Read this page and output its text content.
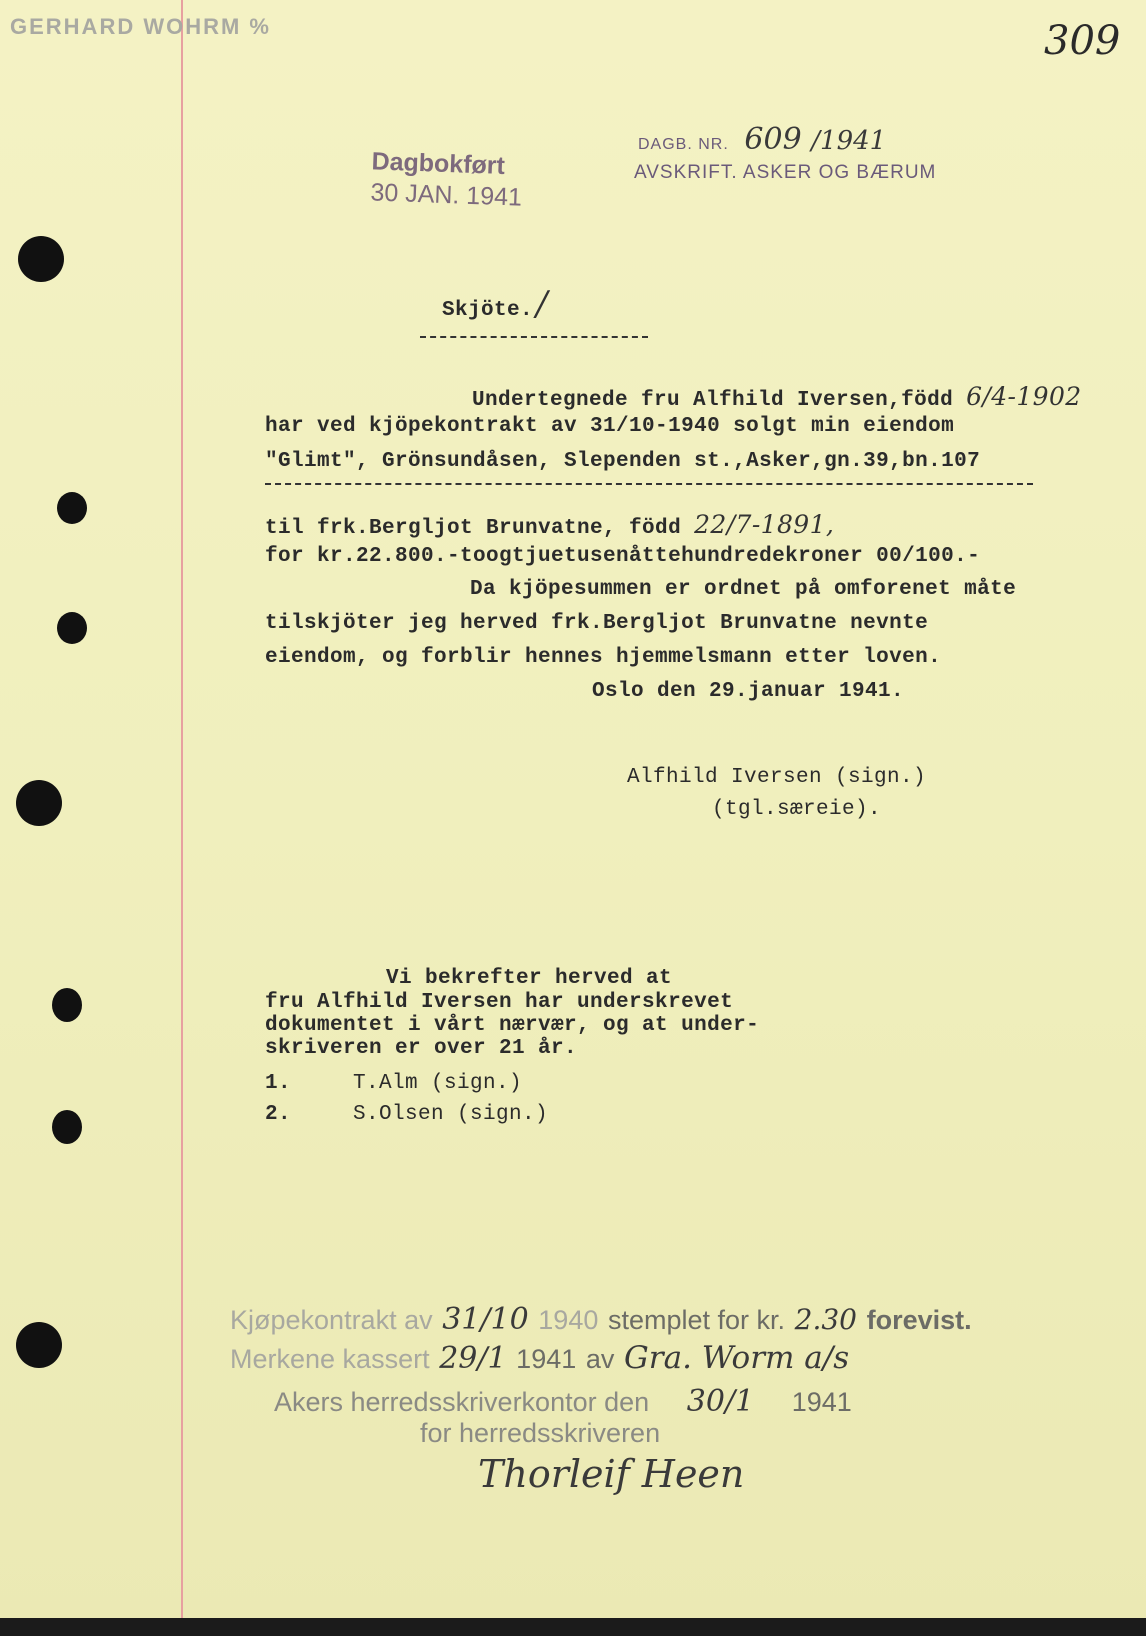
GERHARD WOHRM %	309
Dagbokført
30 JAN. 1941
DAGB. NR. 609 /1941
AVSKRIFT. ASKER OG BÆRUM
Skjöte. /
Undertegnede fru Alfhild Iversen,född 6/4-1902
har ved kjöpekontrakt av 31/10-1940 solgt min eiendom
"Glimt", Grönsundåsen, Slependen st.,Asker,gn.39,bn.107
til frk.Bergljot Brunvatne, född 22/7-1891,
for kr.22.800.-toogtjuetusenåttehundredekroner 00/100.-
Da kjöpesummen er ordnet på omforenet måte
tilskjöter jeg herved frk.Bergljot Brunvatne nevnte
eiendom, og forblir hennes hjemmelsmann etter loven.
Oslo den 29.januar 1941.
Alfhild Iversen (sign.)
(tgl.særeie).
Vi bekrefter herved at
fru Alfhild Iversen har underskrevet
dokumentet i vårt nærvær, og at under-
skriveren er over 21 år.
1.	T.Alm (sign.)
2.	S.Olsen (sign.)
Kjøpekontrakt av 31/10 1940 stemplet for kr. 2.30 forevist.
Merkene kassert 29/1 1941 av Gra. Worm a/s
Akers herredsskriverkontor den 30/1 1941
for herredsskriveren
Thorleif Heen
